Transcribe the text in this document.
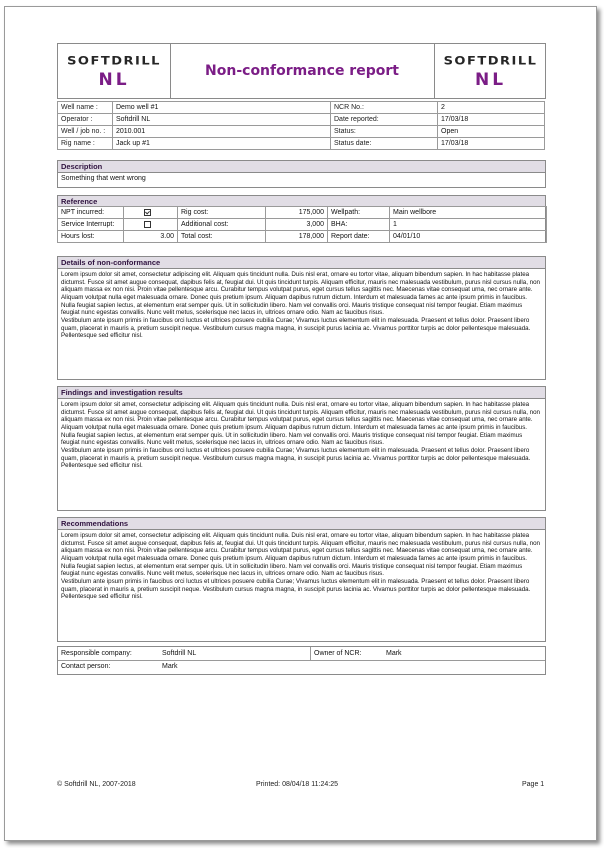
SOFTDRILL
NL	Non-conformance report
SOFTDRILL
NL
Well name :	Demo well #1	NCR No.:	2
Operator :	Softdrill NL	Date reported:	17/03/18
Well / job no. :	2010.001	Status:	Open
Rig name :	Jack up #1	Status date:	17/03/18
Description
Something that went wrong
Reference
NPT incurred:		Rig cost:	175,000	Wellpath:	Main wellbore
Service Interrupt:		Additional cost:	3,000	BHA:	1
Hours lost:	3.00	Total cost:	178,000	Report date:	04/01/10
Details of non-conformance
Lorem ipsum dolor sit amet, consectetur adipiscing elit. Aliquam quis tincidunt nulla. Duis nisl erat, ornare eu tortor vitae, aliquam bibendum sapien. In hac habitasse platea dictumst. Fusce sit amet augue consequat, dapibus felis at, feugiat dui. Ut quis tincidunt turpis. Aliquam efficitur, mauris nec malesuada vestibulum, purus nisl cursus nulla, non aliquam massa ex non nisi. Proin vitae pellentesque arcu. Curabitur tempus volutpat purus, eget cursus tellus sagittis nec. Maecenas vitae consequat urna, nec ornare ante. Aliquam volutpat nulla eget malesuada ornare. Donec quis pretium ipsum. Aliquam dapibus rutrum dictum. Interdum et malesuada fames ac ante ipsum primis in faucibus. Nulla feugiat sapien lectus, at elementum erat semper quis. Ut in sollicitudin libero. Nam vel convallis orci. Mauris tristique consequat nisl tempor feugiat. Etiam maximus feugiat nunc egestas convallis. Nunc velit metus, scelerisque nec lacus in, ultrices ornare odio. Nam ac faucibus risus.
Vestibulum ante ipsum primis in faucibus orci luctus et ultrices posuere cubilia Curae; Vivamus luctus elementum elit in malesuada. Praesent et tellus dolor. Praesent libero quam, placerat in mauris a, pretium suscipit neque. Vestibulum cursus magna magna, in suscipit purus lacinia ac. Vivamus porttitor turpis ac dolor pellentesque malesuada. Pellentesque sed efficitur nisl.
Findings and investigation results
Lorem ipsum dolor sit amet, consectetur adipiscing elit. Aliquam quis tincidunt nulla. Duis nisl erat, ornare eu tortor vitae, aliquam bibendum sapien. In hac habitasse platea dictumst. Fusce sit amet augue consequat, dapibus felis at, feugiat dui. Ut quis tincidunt turpis. Aliquam efficitur, mauris nec malesuada vestibulum, purus nisl cursus nulla, non aliquam massa ex non nisi. Proin vitae pellentesque arcu. Curabitur tempus volutpat purus, eget cursus tellus sagittis nec. Maecenas vitae consequat urna, nec ornare ante. Aliquam volutpat nulla eget malesuada ornare. Donec quis pretium ipsum. Aliquam dapibus rutrum dictum. Interdum et malesuada fames ac ante ipsum primis in faucibus. Nulla feugiat sapien lectus, at elementum erat semper quis. Ut in sollicitudin libero. Nam vel convallis orci. Mauris tristique consequat nisl tempor feugiat. Etiam maximus feugiat nunc egestas convallis. Nunc velit metus, scelerisque nec lacus in, ultrices ornare odio. Nam ac faucibus risus.
Vestibulum ante ipsum primis in faucibus orci luctus et ultrices posuere cubilia Curae; Vivamus luctus elementum elit in malesuada. Praesent et tellus dolor. Praesent libero quam, placerat in mauris a, pretium suscipit neque. Vestibulum cursus magna magna, in suscipit purus lacinia ac. Vivamus porttitor turpis ac dolor pellentesque malesuada. Pellentesque sed efficitur nisl.
Recommendations
Lorem ipsum dolor sit amet, consectetur adipiscing elit. Aliquam quis tincidunt nulla. Duis nisl erat, ornare eu tortor vitae, aliquam bibendum sapien. In hac habitasse platea dictumst. Fusce sit amet augue consequat, dapibus felis at, feugiat dui. Ut quis tincidunt turpis. Aliquam efficitur, mauris nec malesuada vestibulum, purus nisl cursus nulla, non aliquam massa ex non nisi. Proin vitae pellentesque arcu. Curabitur tempus volutpat purus, eget cursus tellus sagittis nec. Maecenas vitae consequat urna, nec ornare ante. Aliquam volutpat nulla eget malesuada ornare. Donec quis pretium ipsum. Aliquam dapibus rutrum dictum. Interdum et malesuada fames ac ante ipsum primis in faucibus. Nulla feugiat sapien lectus, at elementum erat semper quis. Ut in sollicitudin libero. Nam vel convallis orci. Mauris tristique consequat nisl tempor feugiat. Etiam maximus feugiat nunc egestas convallis. Nunc velit metus, scelerisque nec lacus in, ultrices ornare odio. Nam ac faucibus risus.
Vestibulum ante ipsum primis in faucibus orci luctus et ultrices posuere cubilia Curae; Vivamus luctus elementum elit in malesuada. Praesent et tellus dolor. Praesent libero quam, placerat in mauris a, pretium suscipit neque. Vestibulum cursus magna magna, in suscipit purus lacinia ac. Vivamus porttitor turpis ac dolor pellentesque malesuada. Pellentesque sed efficitur nisl.
Responsible company:	Softdrill NL	Owner of NCR:	Mark
Contact person:	Mark
© Softdrill NL, 2007-2018	Printed: 08/04/18 11:24:25	Page 1
